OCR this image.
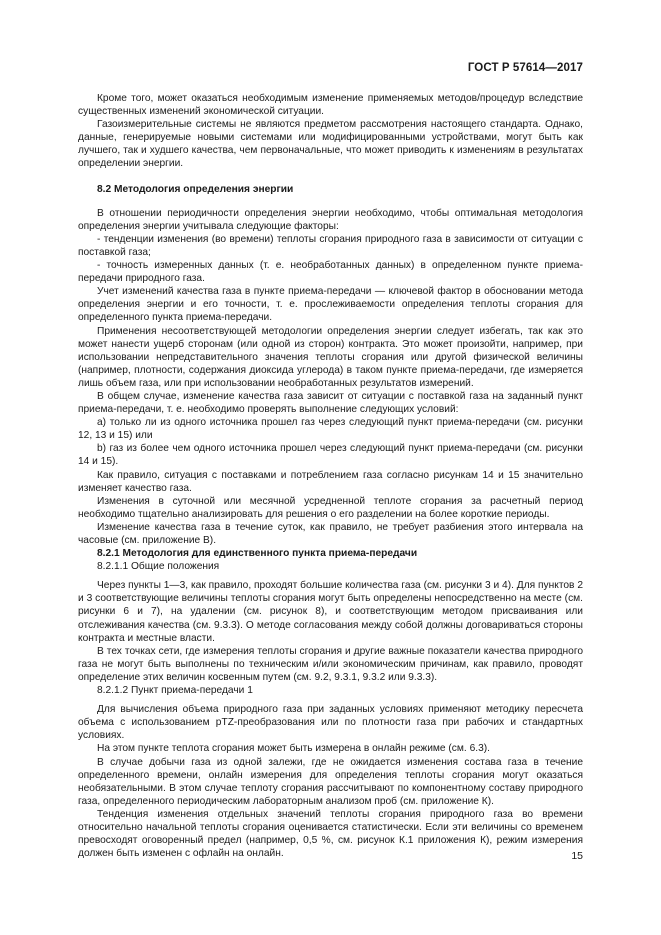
ГОСТ Р 57614—2017

Кроме того, может оказаться необходимым изменение применяемых методов/процедур вследствие существенных изменений экономической ситуации.

Газоизмерительные системы не являются предметом рассмотрения настоящего стандарта. Однако, данные, генерируемые новыми системами или модифицированными устройствами, могут быть как лучшего, так и худшего качества, чем первоначальные, что может приводить к изменениям в результатах определении энергии.

8.2 Методология определения энергии

В отношении периодичности определения энергии необходимо, чтобы оптимальная методология определения энергии учитывала следующие факторы:

- тенденции изменения (во времени) теплоты сгорания природного газа в зависимости от ситуации с поставкой газа;

- точность измеренных данных (т. е. необработанных данных) в определенном пункте приема-передачи природного газа.

Учет изменений качества газа в пункте приема-передачи — ключевой фактор в обосновании метода определения энергии и его точности, т. е. прослеживаемости определения теплоты сгорания для определенного пункта приема-передачи.

Применения несоответствующей методологии определения энергии следует избегать, так как это может нанести ущерб сторонам (или одной из сторон) контракта. Это может произойти, например, при использовании непредставительного значения теплоты сгорания или другой физической величины (например, плотности, содержания диоксида углерода) в таком пункте приема-передачи, где измеряется лишь объем газа, или при использовании необработанных результатов измерений.

В общем случае, изменение качества газа зависит от ситуации с поставкой газа на заданный пункт приема-передачи, т. е. необходимо проверять выполнение следующих условий:

а) только ли из одного источника прошел газ через следующий пункт приема-передачи (см. рисунки 12, 13 и 15) или

b) газ из более чем одного источника прошел через следующий пункт приема-передачи (см. рисунки 14 и 15).

Как правило, ситуация с поставками и потреблением газа согласно рисункам 14 и 15 значительно изменяет качество газа.

Изменения в суточной или месячной усредненной теплоте сгорания за расчетный период необходимо тщательно анализировать для решения о его разделении на более короткие периоды.

Изменение качества газа в течение суток, как правило, не требует разбиения этого интервала на часовые (см. приложение В).

8.2.1 Методология для единственного пункта приема-передачи

8.2.1.1 Общие положения

Через пункты 1—3, как правило, проходят большие количества газа (см. рисунки 3 и 4). Для пунктов 2 и 3 соответствующие величины теплоты сгорания могут быть определены непосредственно на месте (см. рисунки 6 и 7), на удалении (см. рисунок 8), и соответствующим методом присваивания или отслеживания качества (см. 9.3.3). О методе согласования между собой должны договариваться стороны контракта и местные власти.

В тех точках сети, где измерения теплоты сгорания и другие важные показатели качества природного газа не могут быть выполнены по техническим и/или экономическим причинам, как правило, проводят определение этих величин косвенным путем (см. 9.2, 9.3.1, 9.3.2 или 9.3.3).

8.2.1.2 Пункт приема-передачи 1

Для вычисления объема природного газа при заданных условиях применяют методику пересчета объема с использованием pTZ-преобразования или по плотности газа при рабочих и стандартных условиях.

На этом пункте теплота сгорания может быть измерена в онлайн режиме (см. 6.3).

В случае добычи газа из одной залежи, где не ожидается изменения состава газа в течение определенного времени, онлайн измерения для определения теплоты сгорания могут оказаться необязательными. В этом случае теплоту сгорания рассчитывают по компонентному составу природного газа, определенного периодическим лабораторным анализом проб (см. приложение К).

Тенденция изменения отдельных значений теплоты сгорания природного газа во времени относительно начальной теплоты сгорания оценивается статистически. Если эти величины со временем превосходят оговоренный предел (например, 0,5 %, см. рисунок К.1 приложения К), режим измерения должен быть изменен с офлайн на онлайн.	15
